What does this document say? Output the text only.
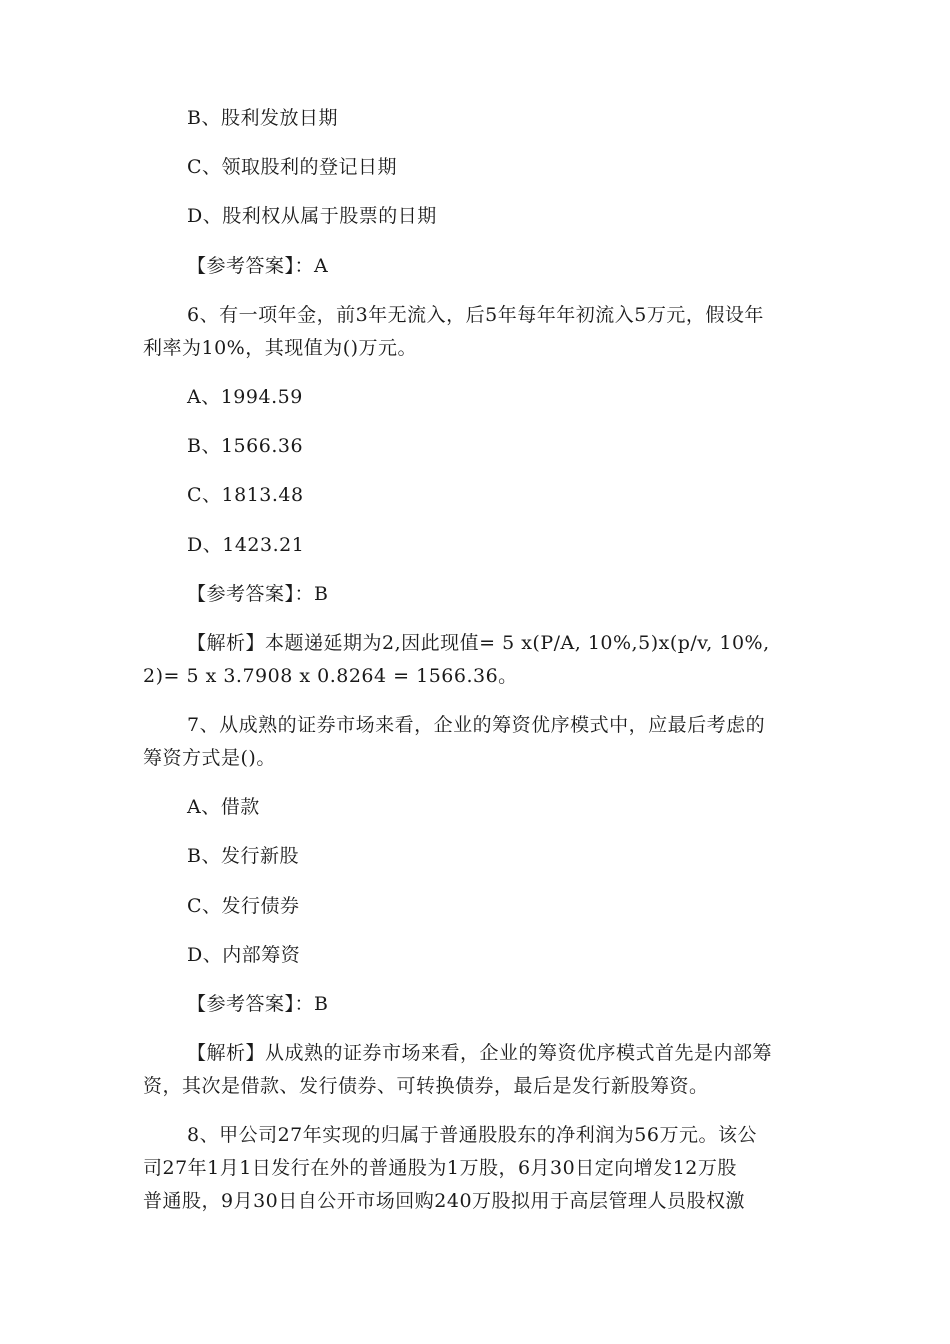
B、股利发放日期
C、领取股利的登记日期
D、股利权从属于股票的日期
【参考答案】：A
6、有一项年金，前3年无流入，后5年每年年初流入5万元，假设年
利率为10%，其现值为()万元。
A、1994.59
B、1566.36
C、1813.48
D、1423.21
【参考答案】：B
【解析】本题递延期为2,因此现值= 5 x(P/A, 10%,5)x(p/v, 10%,
2)= 5 x 3.7908 x 0.8264 = 1566.36。
7、从成熟的证券市场来看，企业的筹资优序模式中，应最后考虑的
筹资方式是()。
A、借款
B、发行新股
C、发行债券
D、内部筹资
【参考答案】：B
【解析】从成熟的证券市场来看，企业的筹资优序模式首先是内部筹
资，其次是借款、发行债券、可转换债券，最后是发行新股筹资。
8、甲公司27年实现的归属于普通股股东的净利润为56万元。该公
司27年1月1日发行在外的普通股为1万股，6月30日定向增发12万股
普通股，9月30日自公开市场回购240万股拟用于高层管理人员股权激
